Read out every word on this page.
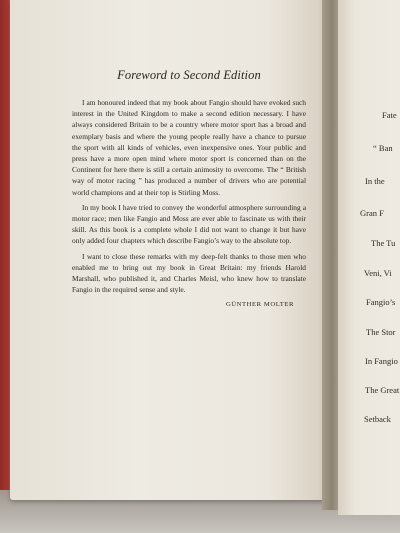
Fate
“ Ban
In the
Gran F
The Tu
Veni, Vi
Fangio’s
The Stor
In Fangio
The Great
Setback
Foreword to Second Edition

I am honoured indeed that my book about Fangio should have evoked such interest in the United Kingdom to make a second edition necessary. I have always considered Britain to be a country where motor sport has a broad and exemplary basis and where the young people really have a chance to pursue the sport with all kinds of vehicles, even inexpensive ones. Your public and press have a more open mind where motor sport is concerned than on the Continent for here there is still a certain animosity to overcome. The “ British way of motor racing ” has produced a number of drivers who are potential world champions and at their top is Stirling Moss.

In my book I have tried to convey the wonderful atmosphere surrounding a motor race; men like Fangio and Moss are ever able to fascinate us with their skill. As this book is a complete whole I did not want to change it but have only added four chapters which describe Fangio’s way to the absolute top.

I want to close these remarks with my deep-felt thanks to those men who enabled me to bring out my book in Great Britain: my friends Harold Marshall, who published it, and Charles Meisl, who knew how to translate Fangio in the required sense and style.

GÜNTHER MOLTER
